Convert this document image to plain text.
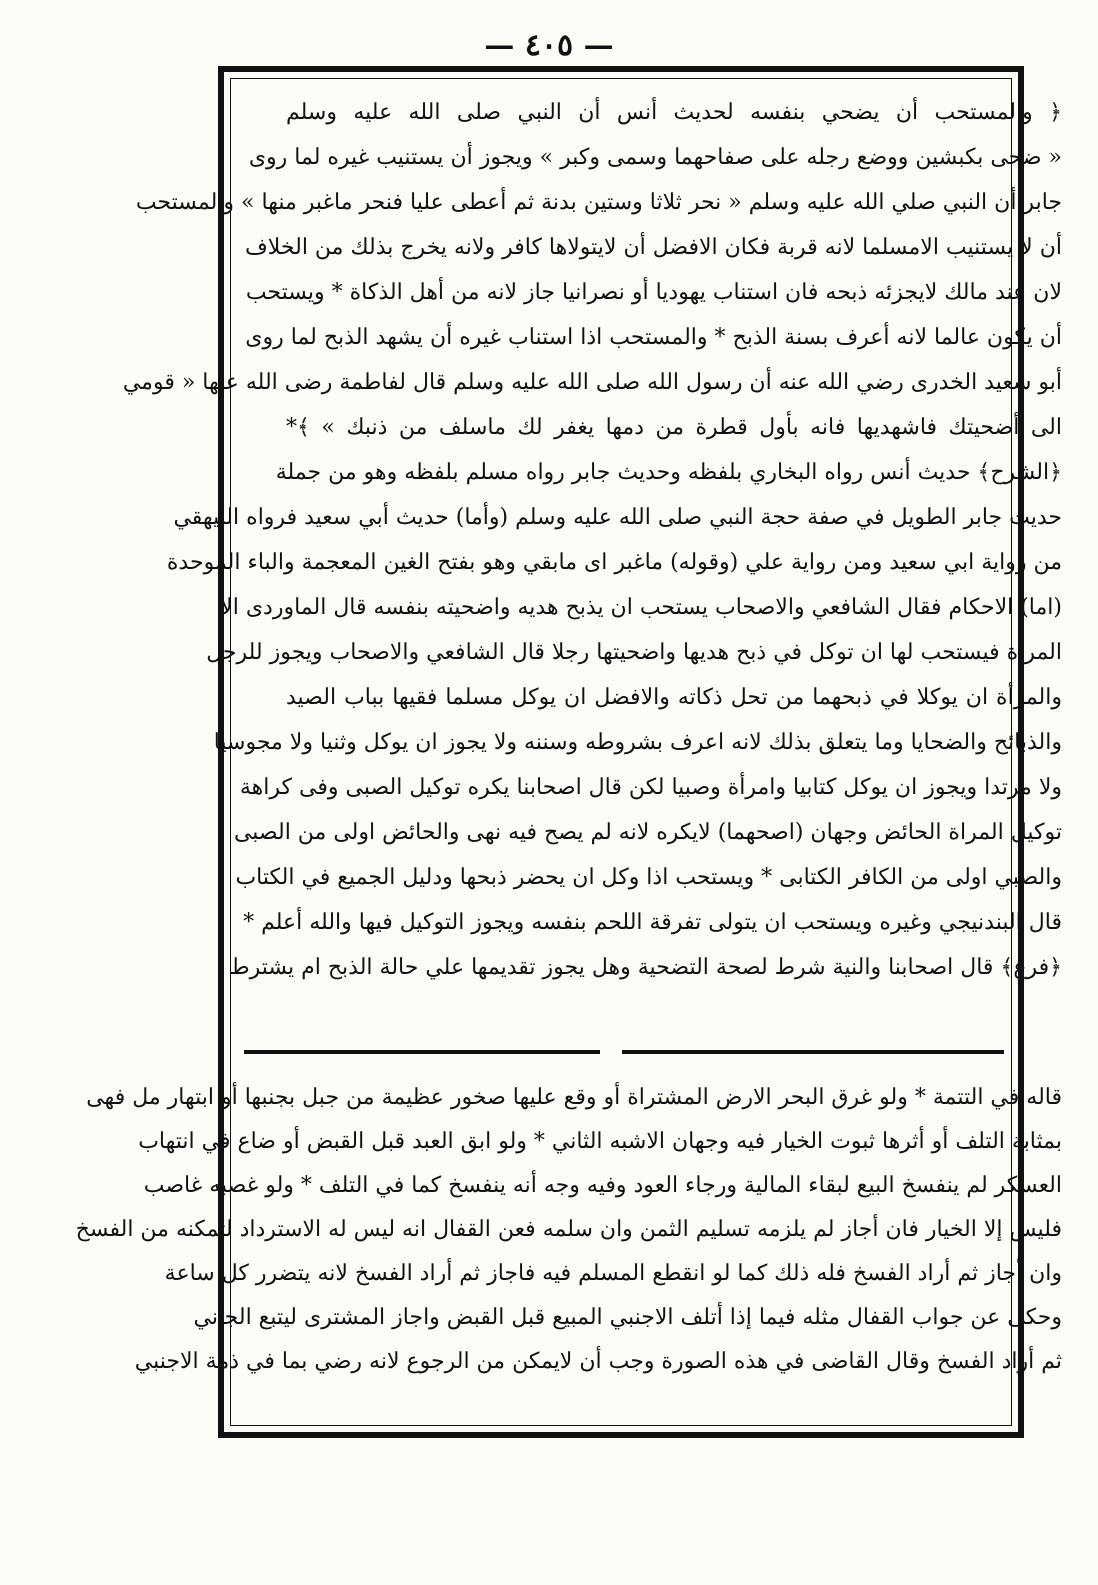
— ٤٠٥ —
﴿ والمستحب أن يضحي بنفسه لحديث أنس أن النبي صلى الله عليه وسلم
« ضحى بكبشين ووضع رجله على صفاحهما وسمى وكبر » ويجوز أن يستنيب غيره لما روى
جابر أن النبي صلي الله عليه وسلم « نحر ثلاثا وستين بدنة ثم أعطى عليا فنحر ماغبر منها » والمستحب
أن لا يستنيب الامسلما لانه قربة فكان الافضل أن لايتولاها كافر ولانه يخرج بذلك من الخلاف
لان عند مالك لايجزئه ذبحه فان استناب يهوديا أو نصرانيا جاز لانه من أهل الذكاة * ويستحب
أن يكون عالما لانه أعرف بسنة الذبح * والمستحب اذا استناب غيره أن يشهد الذبح لما روى
أبو سعيد الخدرى رضي الله عنه أن رسول الله صلى الله عليه وسلم قال لفاطمة رضى الله عنها « قومي
الى أضحيتك فاشهديها فانه بأول قطرة من دمها يغفر لك ماسلف من ذنبك » ﴾*
﴿الشرح﴾ حديث أنس رواه البخاري بلفظه وحديث جابر رواه مسلم بلفظه وهو من جملة
حديث جابر الطويل في صفة حجة النبي صلى الله عليه وسلم (وأما) حديث أبي سعيد فرواه البيهقي
من رواية ابي سعيد ومن رواية علي (وقوله) ماغبر اى مابقي وهو بفتح الغين المعجمة والباء الموحدة
(اما) الاحكام فقال الشافعي والاصحاب يستحب ان يذبح هديه واضحيته بنفسه قال الماوردى الا
المراة فيستحب لها ان توكل في ذبح هديها واضحيتها رجلا قال الشافعي والاصحاب ويجوز للرجل
والمرأة ان يوكلا في ذبحهما من تحل ذكاته والافضل ان يوكل مسلما فقيها بباب الصيد
والذبائح والضحايا وما يتعلق بذلك لانه اعرف بشروطه وسننه ولا يجوز ان يوكل وثنيا ولا مجوسيا
ولا مرتدا ويجوز ان يوكل كتابيا وامرأة وصبيا لكن قال اصحابنا يكره توكيل الصبى وفى كراهة
توكيل المراة الحائض وجهان (اصحهما) لايكره لانه لم يصح فيه نهى والحائض اولى من الصبى
والصبي اولى من الكافر الكتابى * ويستحب اذا وكل ان يحضر ذبحها ودليل الجميع في الكتاب
قال البندنيجي وغيره ويستحب ان يتولى تفرقة اللحم بنفسه ويجوز التوكيل فيها والله أعلم *
﴿فرع﴾ قال اصحابنا والنية شرط لصحة التضحية وهل يجوز تقديمها علي حالة الذبح ام يشترط
قاله في التتمة * ولو غرق البحر الارض المشتراة أو وقع عليها صخور عظيمة من جبل بجنبها أو ابتهار مل فهى
بمثابة التلف أو أثرها ثبوت الخيار فيه وجهان الاشبه الثاني * ولو ابق العبد قبل القبض أو ضاع في انتهاب
العسكر لم ينفسخ البيع لبقاء المالية ورجاء العود وفيه وجه أنه ينفسخ كما في التلف * ولو غصبه غاصب
فليس إلا الخيار فان أجاز لم يلزمه تسليم الثمن وان سلمه فعن القفال انه ليس له الاسترداد لتمكنه من الفسخ
وان أجاز ثم أراد الفسخ فله ذلك كما لو انقطع المسلم فيه فاجاز ثم أراد الفسخ لانه يتضرر كل ساعة
وحكى عن جواب القفال مثله فيما إذا أتلف الاجنبي المبيع قبل القبض واجاز المشترى ليتبع الجاني
ثم أراد الفسخ وقال القاضى في هذه الصورة وجب أن لايمكن من الرجوع لانه رضي بما في ذمة الاجنبي
